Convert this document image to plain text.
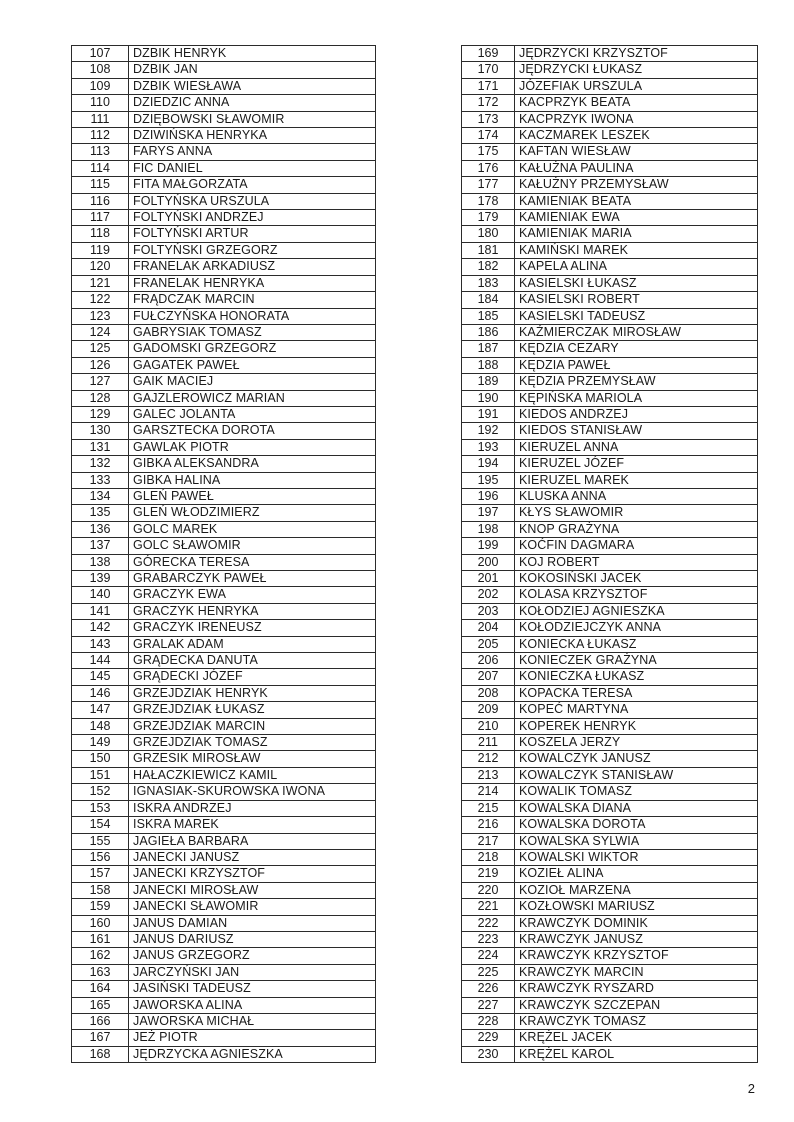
107	DZBIK HENRYK
108	DZBIK JAN
109	DZBIK WIESŁAWA
110	DZIEDZIC ANNA
111	DZIĘBOWSKI SŁAWOMIR
112	DZIWIŃSKA HENRYKA
113	FARYS ANNA
114	FIC DANIEL
115	FITA MAŁGORZATA
116	FOLTYŃSKA URSZULA
117	FOLTYŃSKI ANDRZEJ
118	FOLTYŃSKI ARTUR
119	FOLTYŃSKI GRZEGORZ
120	FRANELAK ARKADIUSZ
121	FRANELAK HENRYKA
122	FRĄDCZAK MARCIN
123	FUŁCZYŃSKA HONORATA
124	GABRYSIAK TOMASZ
125	GADOMSKI GRZEGORZ
126	GAGATEK PAWEŁ
127	GAIK MACIEJ
128	GAJZLEROWICZ MARIAN
129	GALEC JOLANTA
130	GARSZTECKA DOROTA
131	GAWLAK PIOTR
132	GIBKA ALEKSANDRA
133	GIBKA HALINA
134	GLEŃ PAWEŁ
135	GLEŃ WŁODZIMIERZ
136	GOLC MAREK
137	GOLC SŁAWOMIR
138	GÓRECKA TERESA
139	GRABARCZYK PAWEŁ
140	GRACZYK EWA
141	GRACZYK HENRYKA
142	GRACZYK IRENEUSZ
143	GRALAK ADAM
144	GRĄDECKA DANUTA
145	GRĄDECKI JÓZEF
146	GRZEJDZIAK HENRYK
147	GRZEJDZIAK ŁUKASZ
148	GRZEJDZIAK MARCIN
149	GRZEJDZIAK TOMASZ
150	GRZESIK MIROSŁAW
151	HAŁACZKIEWICZ KAMIL
152	IGNASIAK-SKUROWSKA IWONA
153	ISKRA ANDRZEJ
154	ISKRA MAREK
155	JAGIEŁA BARBARA
156	JANECKI JANUSZ
157	JANECKI KRZYSZTOF
158	JANECKI MIROSŁAW
159	JANECKI SŁAWOMIR
160	JANUS DAMIAN
161	JANUS DARIUSZ
162	JANUS GRZEGORZ
163	JARCZYŃSKI JAN
164	JASIŃSKI TADEUSZ
165	JAWORSKA ALINA
166	JAWORSKA MICHAŁ
167	JEŻ PIOTR
168	JĘDRZYCKA AGNIESZKA
169	JĘDRZYCKI KRZYSZTOF
170	JĘDRZYCKI ŁUKASZ
171	JÓZEFIAK URSZULA
172	KACPRZYK BEATA
173	KACPRZYK IWONA
174	KACZMAREK LESZEK
175	KAFTAN WIESŁAW
176	KAŁUŻNA PAULINA
177	KAŁUŻNY PRZEMYSŁAW
178	KAMIENIAK BEATA
179	KAMIENIAK EWA
180	KAMIENIAK MARIA
181	KAMIŃSKI MAREK
182	KAPELA ALINA
183	KASIELSKI ŁUKASZ
184	KASIELSKI ROBERT
185	KASIELSKI TADEUSZ
186	KAŹMIERCZAK MIROSŁAW
187	KĘDZIA CEZARY
188	KĘDZIA PAWEŁ
189	KĘDZIA PRZEMYSŁAW
190	KĘPIŃSKA MARIOLA
191	KIEDOS ANDRZEJ
192	KIEDOS STANISŁAW
193	KIERUZEL ANNA
194	KIERUZEL JÓZEF
195	KIERUZEL MAREK
196	KLUSKA ANNA
197	KŁYS SŁAWOMIR
198	KNOP GRAŻYNA
199	KOĆFIN DAGMARA
200	KOJ ROBERT
201	KOKOSIŃSKI JACEK
202	KOLASA KRZYSZTOF
203	KOŁODZIEJ AGNIESZKA
204	KOŁODZIEJCZYK ANNA
205	KONIECKA ŁUKASZ
206	KONIECZEK GRAŻYNA
207	KONIECZKA ŁUKASZ
208	KOPACKA TERESA
209	KOPEĆ MARTYNA
210	KOPEREK HENRYK
211	KOSZELA JERZY
212	KOWALCZYK JANUSZ
213	KOWALCZYK STANISŁAW
214	KOWALIK TOMASZ
215	KOWALSKA DIANA
216	KOWALSKA DOROTA
217	KOWALSKA SYLWIA
218	KOWALSKI WIKTOR
219	KOZIEŁ ALINA
220	KOZIOŁ MARZENA
221	KOZŁOWSKI MARIUSZ
222	KRAWCZYK DOMINIK
223	KRAWCZYK JANUSZ
224	KRAWCZYK KRZYSZTOF
225	KRAWCZYK MARCIN
226	KRAWCZYK RYSZARD
227	KRAWCZYK SZCZEPAN
228	KRAWCZYK TOMASZ
229	KRĘŻEL JACEK
230	KRĘŻEL KAROL
2
